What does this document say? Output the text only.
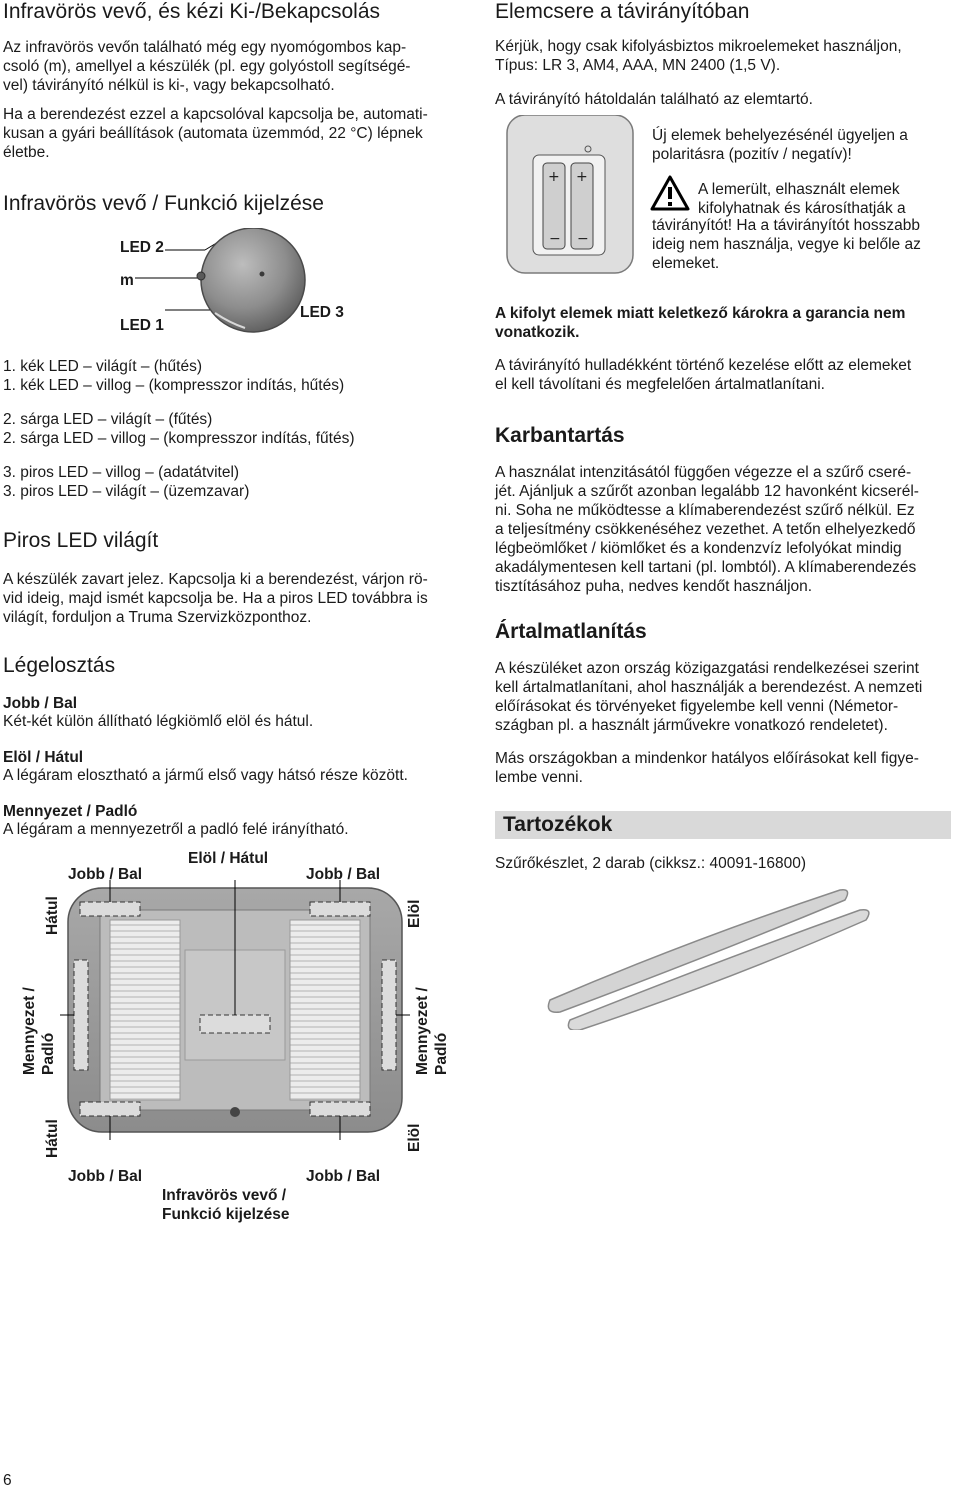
Infravörös vevő, és kézi Ki-/Bekapcsolás

Az infravörös vevőn található még egy nyomógombos kap-
csoló (m), amellyel a készülék (pl. egy golyóstoll segítségé-
vel) távirányító nélkül is ki-, vagy bekapcsolható.

Ha a berendezést ezzel a kapcsolóval kapcsolja be, automati-
kusan a gyári beállítások (automata üzemmód, 22 °C) lépnek
életbe.

Infravörös vevő / Funkció kijelzése
LED 2
m
LED 1
LED 3

1. kék LED – világít – (hűtés)

1. kék LED – villog – (kompresszor indítás, hűtés)

2. sárga LED – világít – (fűtés)

2. sárga LED – villog – (kompresszor indítás, fűtés)

3. piros LED – villog – (adatátvitel)

3. piros LED – világít – (üzemzavar)

Piros LED világít

A készülék zavart jelez. Kapcsolja ki a berendezést, várjon rö-
vid ideig, majd ismét kapcsolja be. Ha a piros LED továbbra is
világít, forduljon a Truma Szervizközponthoz.

Légelosztás

Jobb / Bal

Két-két külön állítható légkiömlő elöl és hátul.

Elöl / Hátul

A légáram elosztható a jármű első vagy hátsó része között.

Mennyezet / Padló

A légáram a mennyezetről a padló felé irányítható.

Elöl / Hátul
Jobb / Bal	Jobb / Bal
Jobb / Bal	Jobb / Bal
Hátul
Hátul
Elöl
Elöl
Mennyezet /
Padló	Mennyezet /
Padló
Infravörös vevő /
Funkció kijelzése
6
Elemcsere a távirányítóban

Kérjük, hogy csak kifolyásbiztos mikroelemeket használjon,
Típus: LR 3, AM4, AAA, MN 2400 (1,5 V).

A távirányító hátoldalán található az elemtartó.

+ +
− −

Új elemek behelyezésénél ügyeljen a
polaritásra (pozitív / negatív)!

A lemerült, elhasznált elemek
kifolyhatnak és károsíthatják a

távirányítót! Ha a távirányítót hosszabb
ideig nem használja, vegye ki belőle az
elemeket.

A kifolyt elemek miatt keletkező károkra a garancia nem
vonatkozik.

A távirányító hulladékként történő kezelése előtt az elemeket
el kell távolítani és megfelelően ártalmatlanítani.

Karbantartás

A használat intenzitásától függően végezze el a szűrő cseré-
jét. Ajánljuk a szűrőt azonban legalább 12 havonként kicserél-
ni. Soha ne működtesse a klímaberendezést szűrő nélkül. Ez
a teljesítmény csökkenéséhez vezethet. A tetőn elhelyezkedő
légbeömlőket / kiömlőket és a kondenzvíz lefolyókat mindig
akadálymentesen kell tartani (pl. lombtól). A klímaberendezés
tisztításához puha, nedves kendőt használjon.

Ártalmatlanítás

A készüléket azon ország közigazgatási rendelkezései szerint
kell ártalmatlanítani, ahol használják a berendezést. A nemzeti
előírásokat és törvényeket figyelembe kell venni (Németor-
szágban pl. a használt járművekre vonatkozó rendeletet).

Más országokban a mindenkor hatályos előírásokat kell figye-
lembe venni.

Tartozékok

Szűrőkészlet, 2 darab (cikksz.: 40091-16800)
